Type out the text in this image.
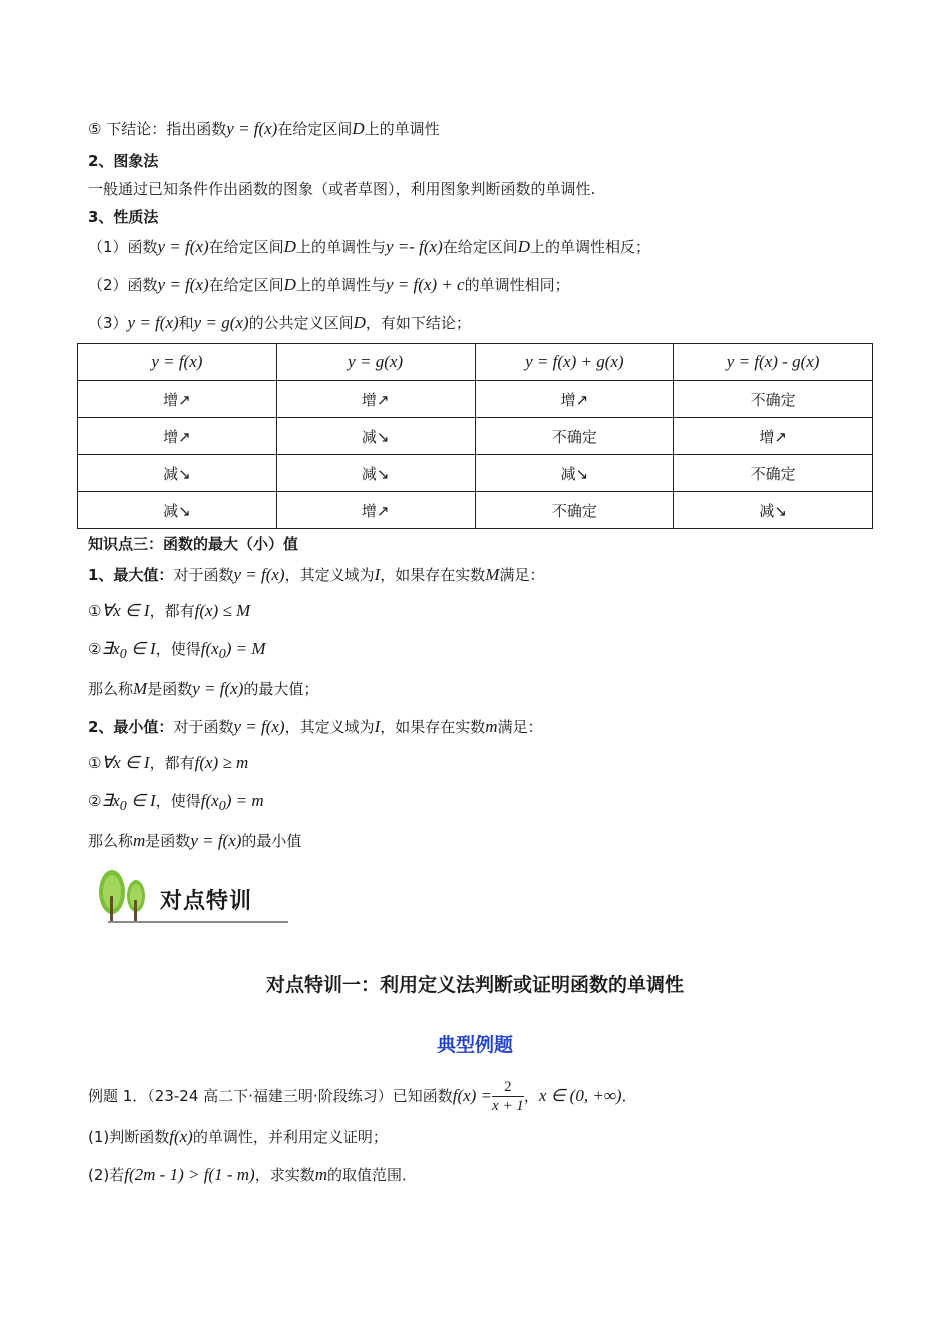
⑤ 下结论：指出函数y = f(x)在给定区间D上的单调性
2、图象法
一般通过已知条件作出函数的图象（或者草图），利用图象判断函数的单调性.
3、性质法
（1）函数y = f(x)在给定区间D上的单调性与y =- f(x)在给定区间D上的单调性相反；
（2）函数y = f(x)在给定区间D上的单调性与y = f(x) + c的单调性相同；
（3）y = f(x)和y = g(x)的公共定义区间D，有如下结论；
y = f(x)	y = g(x)	y = f(x) + g(x)	y = f(x) - g(x)
增↗	增↗	增↗	不确定
增↗	减↘	不确定	增↗
减↘	减↘	减↘	不确定
减↘	增↗	不确定	减↘
知识点三：函数的最大（小）值
1、最大值：对于函数y = f(x)，其定义域为I，如果存在实数M满足：
①∀x ∈ I，都有f(x) ≤ M
$②\exists x_0$ ∈ I，使得$f(x_0) = M$
那么称M是函数y = f(x)的最大值；
2、最小值：对于函数y = f(x)，其定义域为I，如果存在实数m满足：
①∀x ∈ I，都有f(x) ≥ m
$②\exists x_0$ ∈ I，使得$f(x_0) = m$
那么称m是函数y = f(x)的最小值
对点特训
对点特训一：利用定义法判断或证明函数的单调性
典型例题
例题 1．（23-24 高二下·福建三明·阶段练习）已知函数$f(x) = \frac{2}{x + 1}$ ，x ∈ (0, +∞)．
(1)判断函数f(x)的单调性，并利用定义证明；
(2)若f(2m - 1) > f(1 - m)，求实数m的取值范围．
